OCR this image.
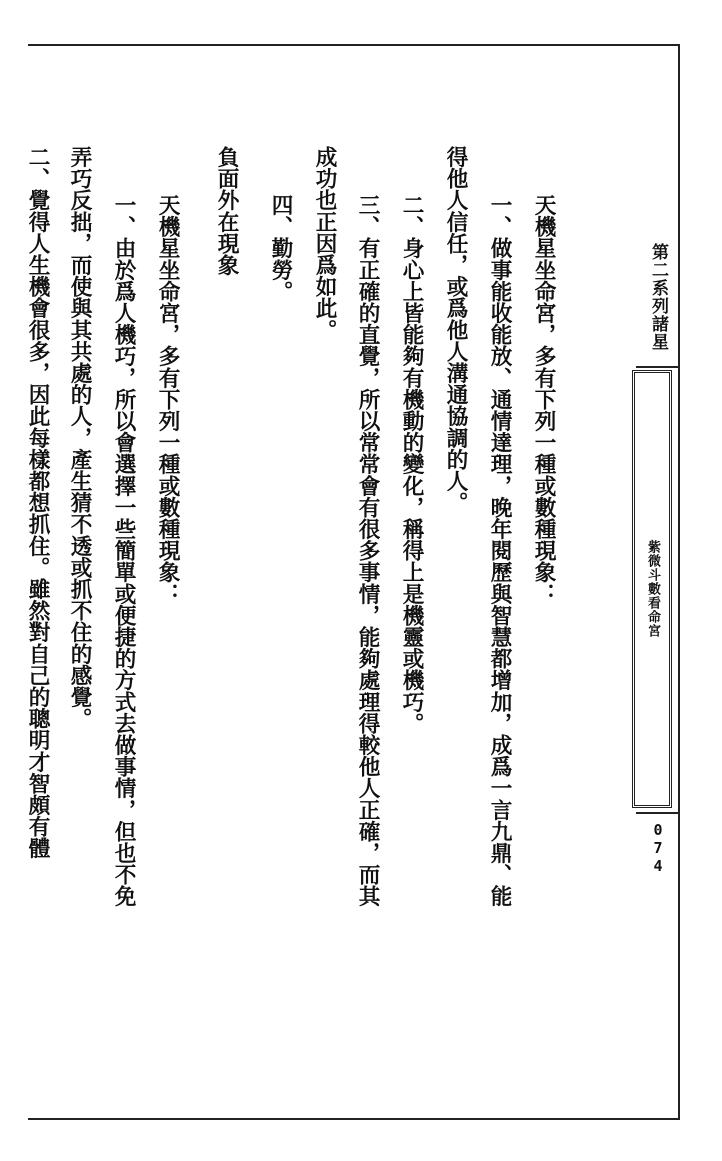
第二系列諸星
紫微斗數看命宮
074
天機星坐命宮，多有下列一種或數種現象：
一、做事能收能放、通情達理，晚年閱歷與智慧都增加，成爲一言九鼎、能
得他人信任，或爲他人溝通協調的人。
二、身心上皆能夠有機動的變化，稱得上是機靈或機巧。
三、有正確的直覺，所以常常會有很多事情，能夠處理得較他人正確，而其
成功也正因爲如此。
四、勤勞。
負面外在現象
天機星坐命宮，多有下列一種或數種現象：
一、由於爲人機巧，所以會選擇一些簡單或便捷的方式去做事情，但也不免
弄巧反拙，而使與其共處的人，產生猜不透或抓不住的感覺。
二、覺得人生機會很多，因此每樣都想抓住。雖然對自己的聰明才智頗有體
